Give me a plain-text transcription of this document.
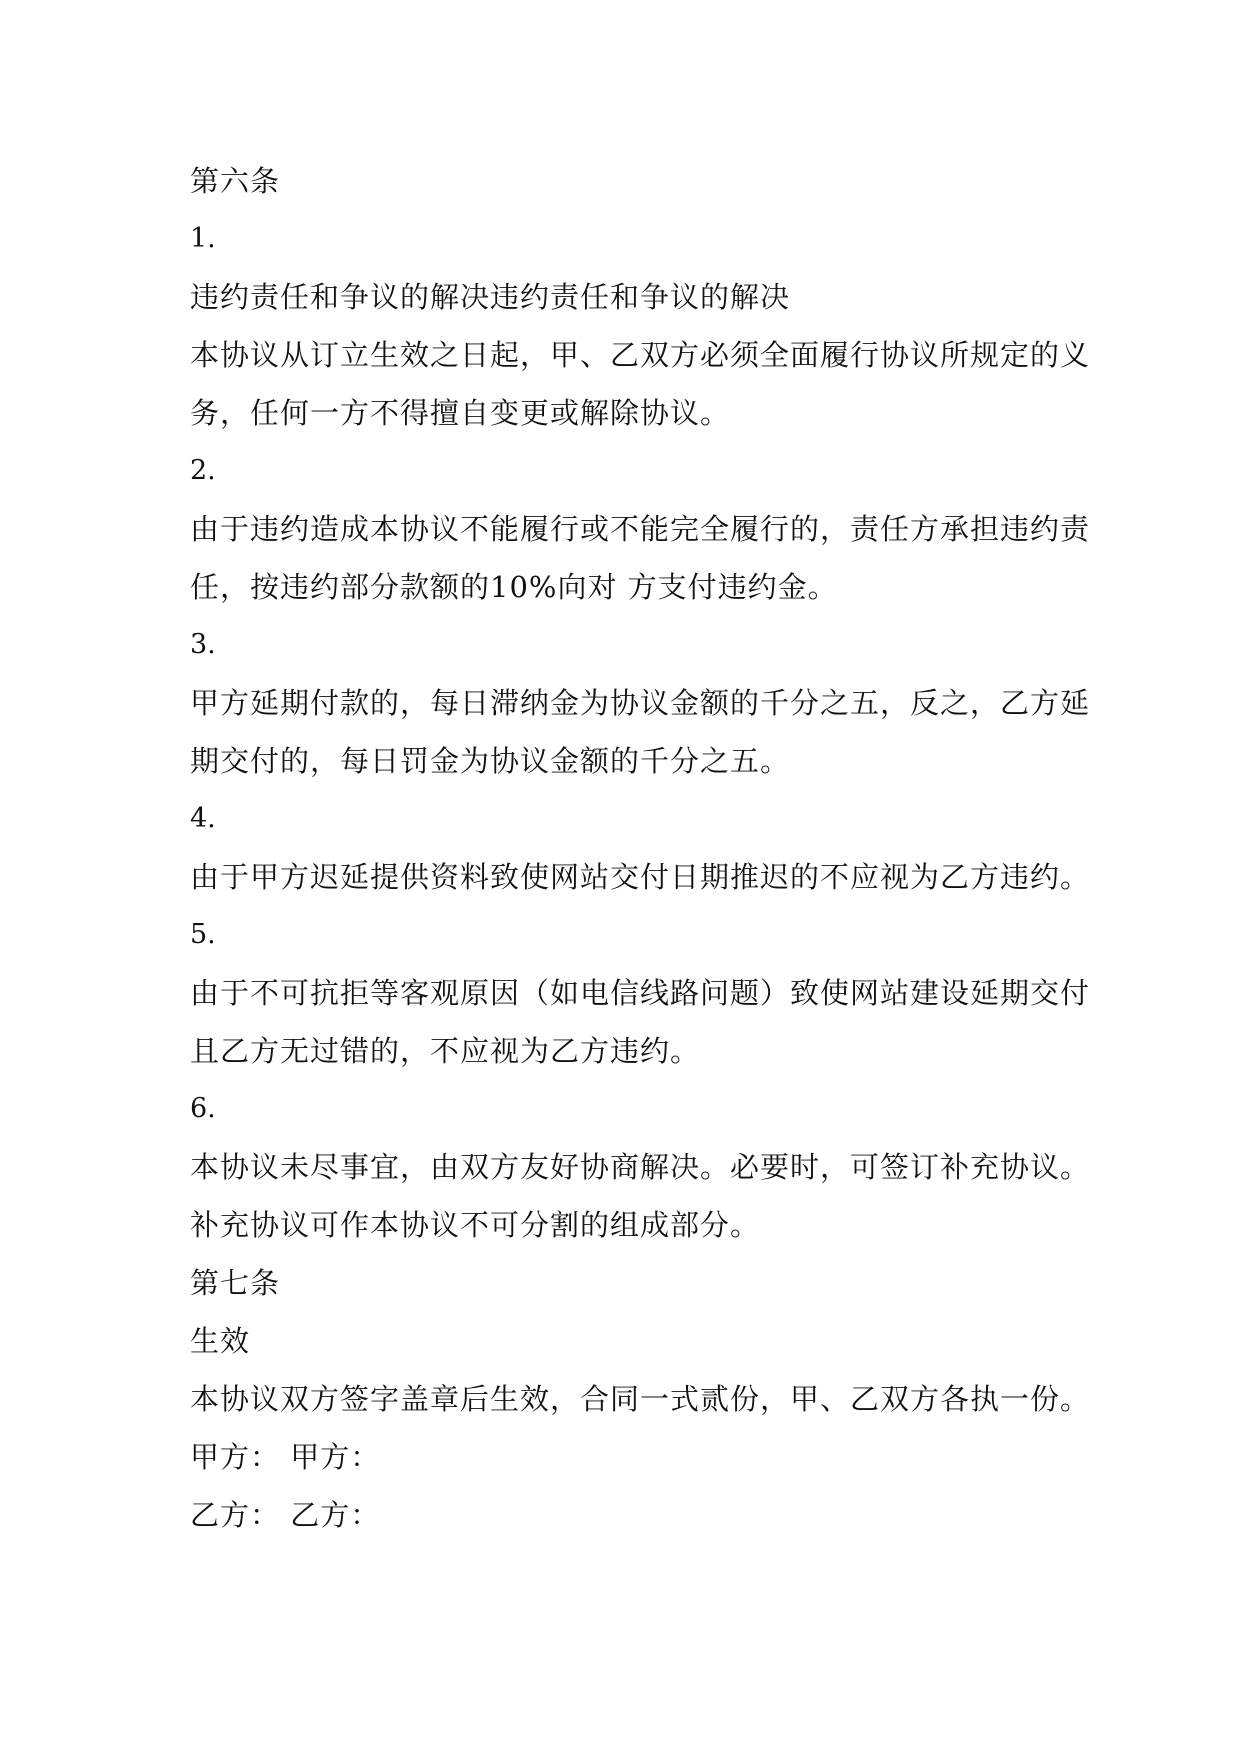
第六条
1.
违约责任和争议的解决违约责任和争议的解决
本协议从订立生效之日起，甲、乙双方必须全面履行协议所规定的义
务，任何一方不得擅自变更或解除协议。
2.
由于违约造成本协议不能履行或不能完全履行的，责任方承担违约责
任，按违约部分款额的10%向对 方支付违约金。
3.
甲方延期付款的，每日滞纳金为协议金额的千分之五，反之，乙方延
期交付的，每日罚金为协议金额的千分之五。
4.
由于甲方迟延提供资料致使网站交付日期推迟的不应视为乙方违约。
5.
由于不可抗拒等客观原因（如电信线路问题）致使网站建设延期交付
且乙方无过错的，不应视为乙方违约。
6.
本协议未尽事宜，由双方友好协商解决。必要时，可签订补充协议。
补充协议可作本协议不可分割的组成部分。
第七条
生效
本协议双方签字盖章后生效，合同一式贰份，甲、乙双方各执一份。
甲方： 甲方：
乙方： 乙方：
